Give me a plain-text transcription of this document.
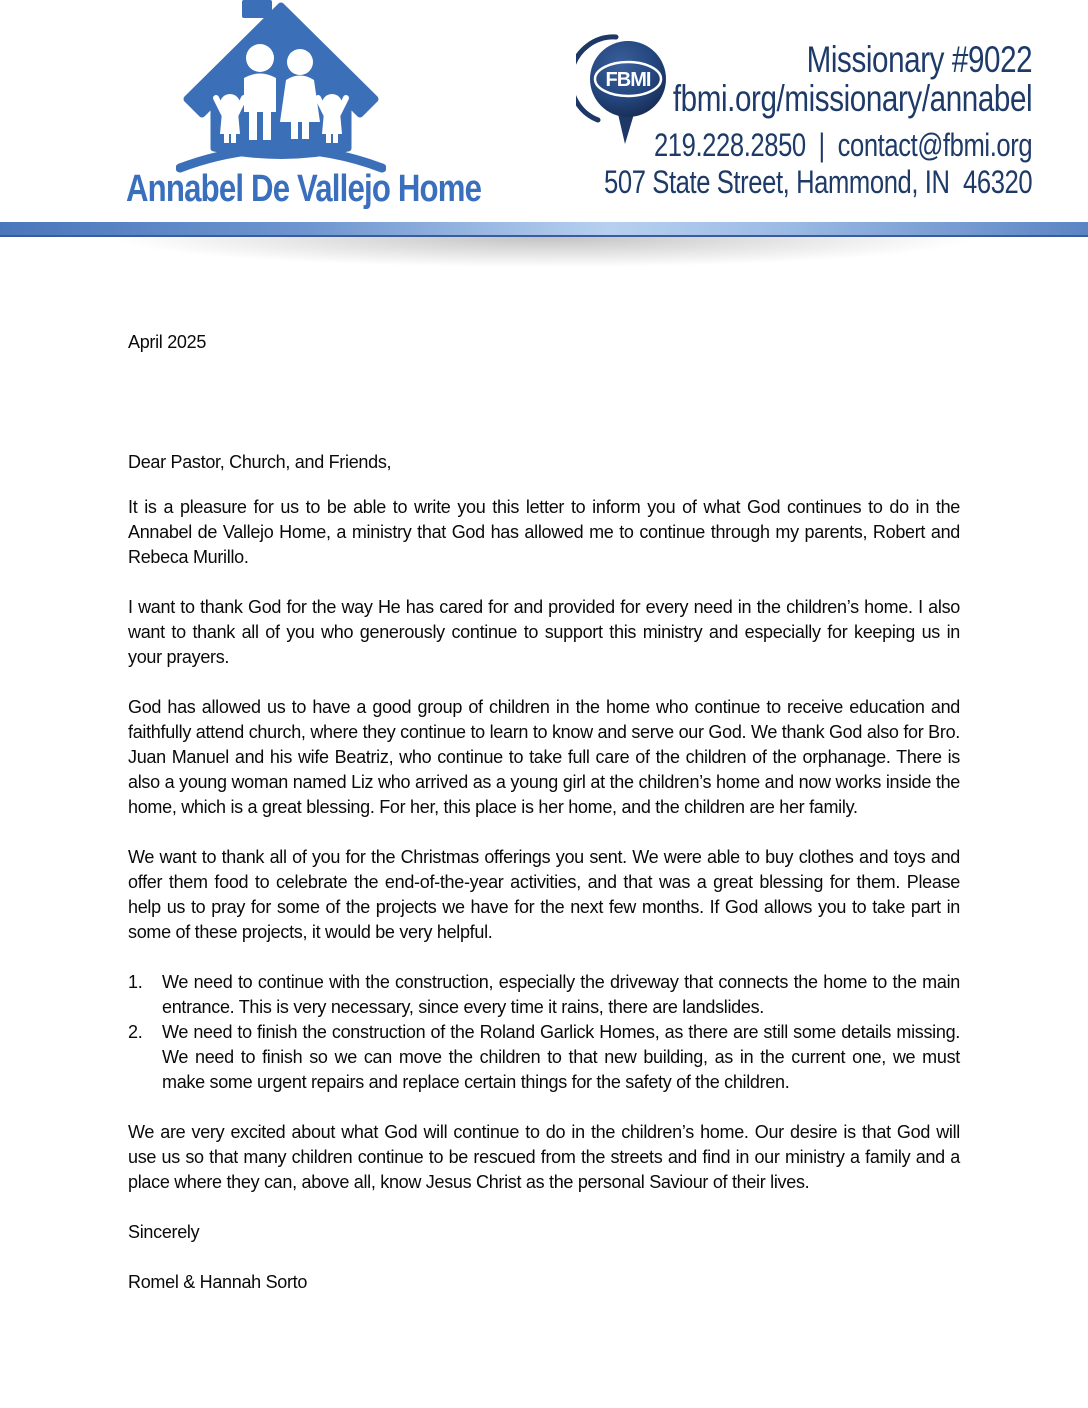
Annabel De Vallejo Home
FBMI	Missionary #9022
fbmi.org/missionary/annabel
219.228.2850 | contact@fbmi.org
507 State Street, Hammond, IN  46320

April 2025

Dear Pastor, Church, and Friends,

It is a pleasure for us to be able to write you this letter to inform you of what God continues to do in the Annabel de Vallejo Home, a ministry that God has allowed me to continue through my parents, Robert and Rebeca Murillo.

I want to thank God for the way He has cared for and provided for every need in the children’s home. I also want to thank all of you who generously continue to support this ministry and especially for keeping us in your prayers.

God has allowed us to have a good group of children in the home who continue to receive education and faithfully attend church, where they continue to learn to know and serve our God. We thank God also for Bro. Juan Manuel and his wife Beatriz, who continue to take full care of the children of the orphanage. There is also a young woman named Liz who arrived as a young girl at the children’s home and now works inside the home, which is a great blessing. For her, this place is her home, and the children are her family.

We want to thank all of you for the Christmas offerings you sent. We were able to buy clothes and toys and offer them food to celebrate the end-of-the-year activities, and that was a great blessing for them. Please help us to pray for some of the projects we have for the next few months. If God allows you to take part in some of these projects, it would be very helpful.

1.	We need to continue with the construction, especially the driveway that connects the home to the main entrance. This is very necessary, since every time it rains, there are landslides.
2.	We need to finish the construction of the Roland Garlick Homes, as there are still some details missing. We need to finish so we can move the children to that new building, as in the current one, we must make some urgent repairs and replace certain things for the safety of the children.

We are very excited about what God will continue to do in the children’s home. Our desire is that God will use us so that many children continue to be rescued from the streets and find in our ministry a family and a place where they can, above all, know Jesus Christ as the personal Saviour of their lives.

Sincerely

Romel & Hannah Sorto
